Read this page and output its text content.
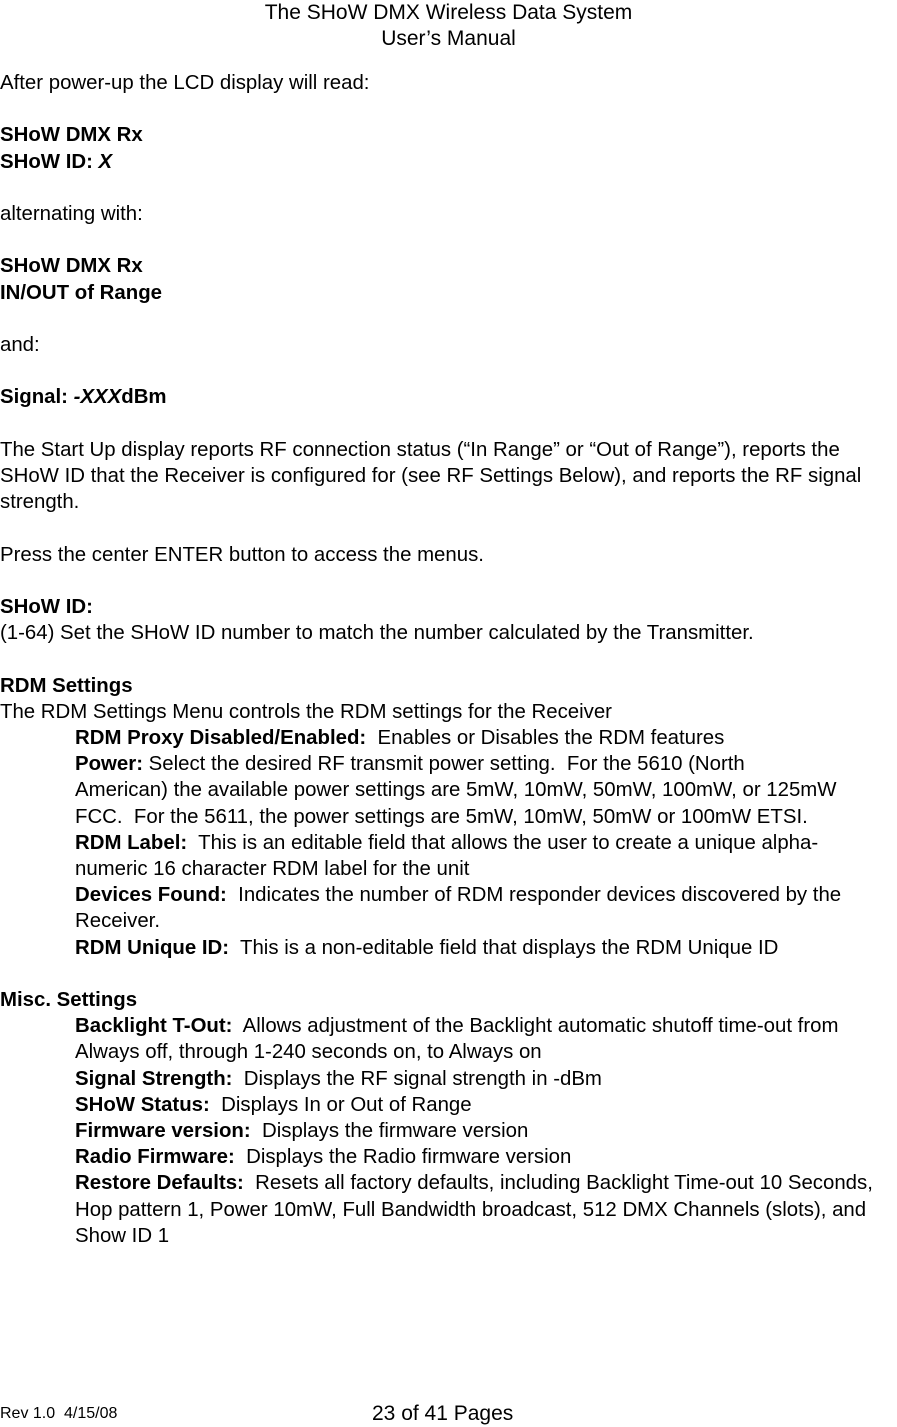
The SHoW DMX Wireless Data System
User’s Manual

After power-up the LCD display will read:

SHoW DMX Rx

SHoW ID: X

alternating with:

SHoW DMX Rx

IN/OUT of Range

and:

Signal: -XXXdBm

The Start Up display reports RF connection status (“In Range” or “Out of Range”), reports the SHoW ID that the Receiver is configured for (see RF Settings Below), and reports the RF signal strength.

Press the center ENTER button to access the menus.

SHoW ID:

(1-64) Set the SHoW ID number to match the number calculated by the Transmitter.

RDM Settings

The RDM Settings Menu controls the RDM settings for the Receiver

RDM Proxy Disabled/Enabled:  Enables or Disables the RDM features

Power: Select the desired RF transmit power setting.  For the 5610 (North American) the available power settings are 5mW, 10mW, 50mW, 100mW, or 125mW FCC.  For the 5611, the power settings are 5mW, 10mW, 50mW or 100mW ETSI.

RDM Label:  This is an editable field that allows the user to create a unique alpha-numeric 16 character RDM label for the unit

Devices Found:  Indicates the number of RDM responder devices discovered by the Receiver.

RDM Unique ID:  This is a non-editable field that displays the RDM Unique ID

Misc. Settings

Backlight T-Out:  Allows adjustment of the Backlight automatic shutoff time-out from Always off, through 1-240 seconds on, to Always on

Signal Strength:  Displays the RF signal strength in -dBm

SHoW Status:  Displays In or Out of Range

Firmware version:  Displays the firmware version

Radio Firmware:  Displays the Radio firmware version

Restore Defaults:  Resets all factory defaults, including Backlight Time-out 10 Seconds, Hop pattern 1, Power 10mW, Full Bandwidth broadcast, 512 DMX Channels (slots), and Show ID 1

Rev 1.0  4/15/08	23 of 41 Pages
